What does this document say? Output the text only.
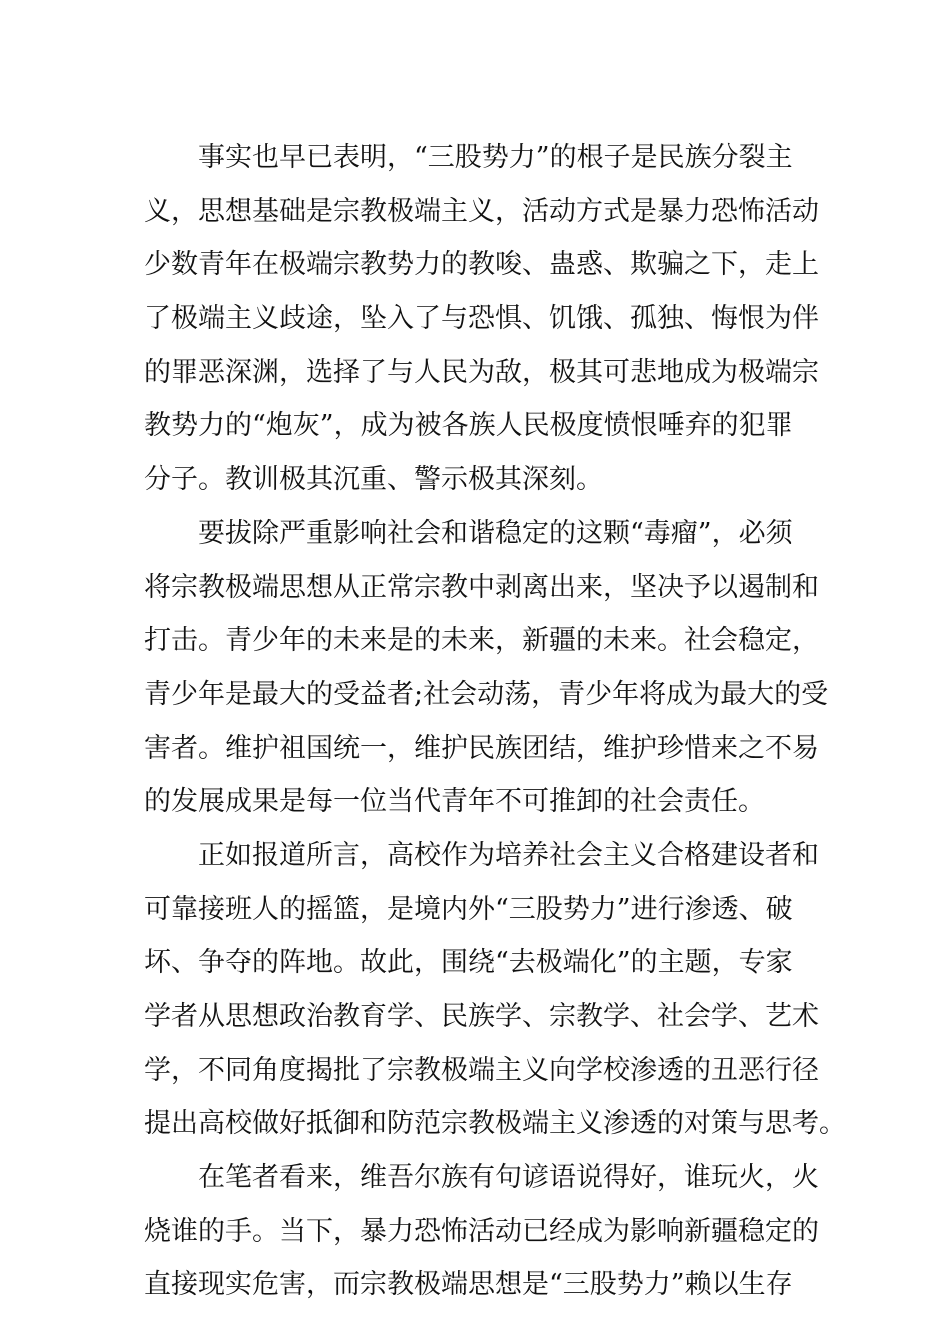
事实也早已表明，“三股势力”的根子是民族分裂主
义，思想基础是宗教极端主义，活动方式是暴力恐怖活动
少数青年在极端宗教势力的教唆、蛊惑、欺骗之下，走上
了极端主义歧途，坠入了与恐惧、饥饿、孤独、悔恨为伴
的罪恶深渊，选择了与人民为敌，极其可悲地成为极端宗
教势力的“炮灰”，成为被各族人民极度愤恨唾弃的犯罪
分子。教训极其沉重、警示极其深刻。

要拔除严重影响社会和谐稳定的这颗“毒瘤”，必须
将宗教极端思想从正常宗教中剥离出来，坚决予以遏制和
打击。青少年的未来是的未来，新疆的未来。社会稳定，
青少年是最大的受益者;社会动荡，青少年将成为最大的受
害者。维护祖国统一，维护民族团结，维护珍惜来之不易
的发展成果是每一位当代青年不可推卸的社会责任。

正如报道所言，高校作为培养社会主义合格建设者和
可靠接班人的摇篮，是境内外“三股势力”进行渗透、破
坏、争夺的阵地。故此，围绕“去极端化”的主题，专家
学者从思想政治教育学、民族学、宗教学、社会学、艺术
学，不同角度揭批了宗教极端主义向学校渗透的丑恶行径
提出高校做好抵御和防范宗教极端主义渗透的对策与思考。

在笔者看来，维吾尔族有句谚语说得好，谁玩火，火
烧谁的手。当下，暴力恐怖活动已经成为影响新疆稳定的
直接现实危害，而宗教极端思想是“三股势力”赖以生存
